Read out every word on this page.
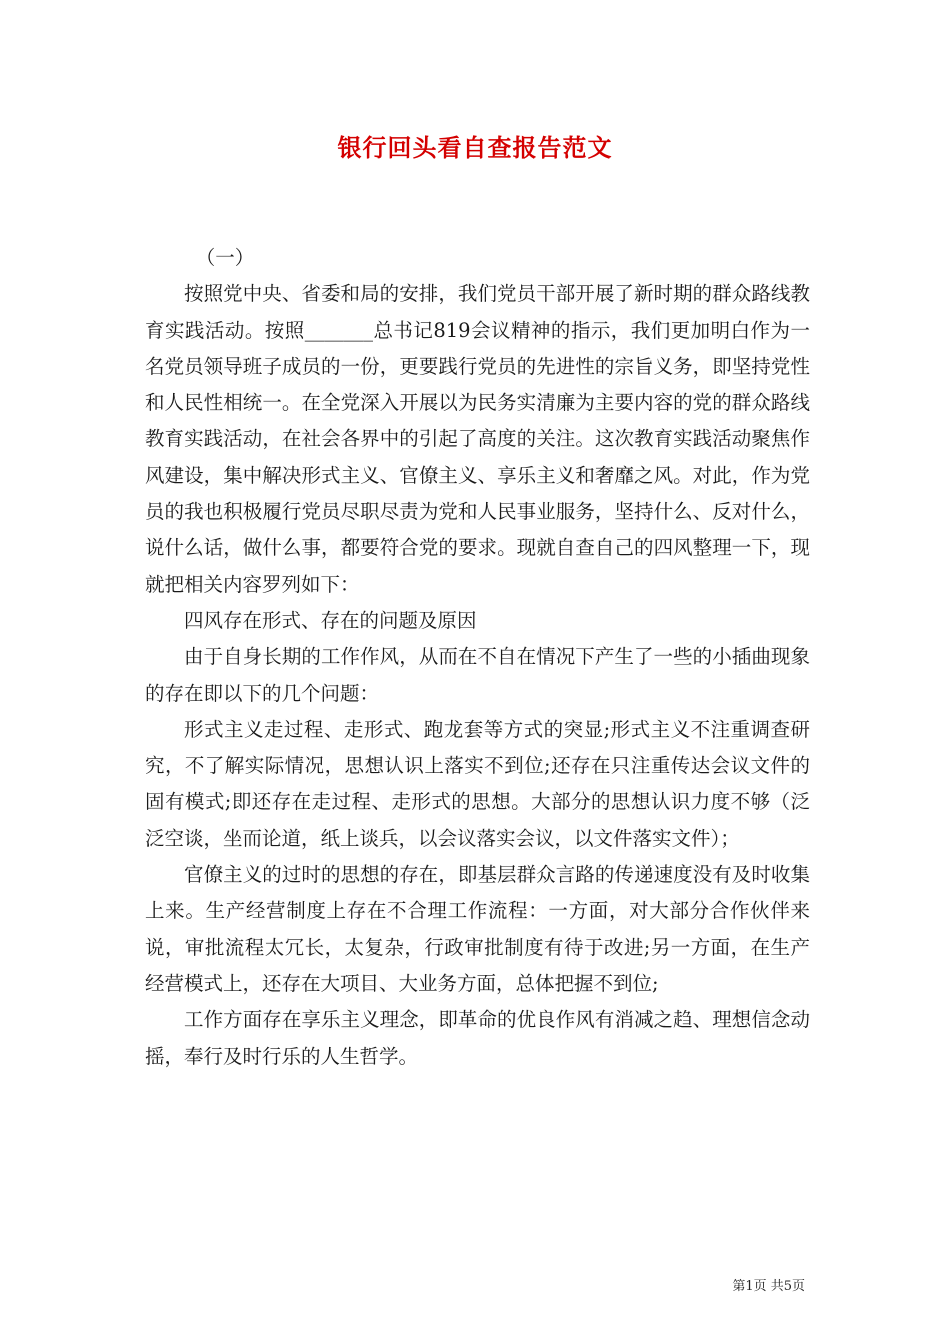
银行回头看自查报告范文

（一）

按照党中央、省委和局的安排，我们党员干部开展了新时期的群众路线教育实践活动。按照_______总书记819会议精神的指示，我们更加明白作为一名党员领导班子成员的一份，更要践行党员的先进性的宗旨义务，即坚持党性和人民性相统一。在全党深入开展以为民务实清廉为主要内容的党的群众路线教育实践活动，在社会各界中的引起了高度的关注。这次教育实践活动聚焦作风建设，集中解决形式主义、官僚主义、享乐主义和奢靡之风。对此，作为党员的我也积极履行党员尽职尽责为党和人民事业服务，坚持什么、反对什么，说什么话，做什么事，都要符合党的要求。现就自查自己的四风整理一下，现就把相关内容罗列如下：

四风存在形式、存在的问题及原因

由于自身长期的工作作风，从而在不自在情况下产生了一些的小插曲现象的存在即以下的几个问题：

形式主义走过程、走形式、跑龙套等方式的突显;形式主义不注重调查研究，不了解实际情况，思想认识上落实不到位;还存在只注重传达会议文件的固有模式;即还存在走过程、走形式的思想。大部分的思想认识力度不够（泛泛空谈，坐而论道，纸上谈兵，以会议落实会议，以文件落实文件）；

官僚主义的过时的思想的存在，即基层群众言路的传递速度没有及时收集上来。生产经营制度上存在不合理工作流程：一方面，对大部分合作伙伴来说，审批流程太冗长，太复杂，行政审批制度有待于改进;另一方面，在生产经营模式上，还存在大项目、大业务方面，总体把握不到位;

工作方面存在享乐主义理念，即革命的优良作风有消减之趋、理想信念动摇，奉行及时行乐的人生哲学。

第1页 共5页
